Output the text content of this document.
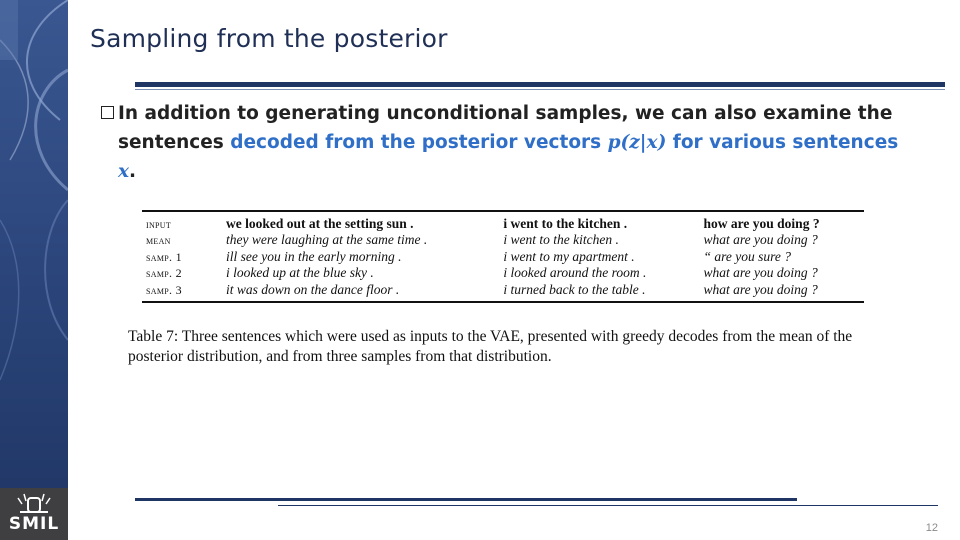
SMIL
Sampling from the posterior
In addition to generating unconditional samples, we can also examine the sentences decoded from the posterior vectors p(z|x) for various sentences x.
input	we looked out at the setting sun .	i went to the kitchen .	how are you doing ?
mean	they were laughing at the same time .	i went to the kitchen .	what are you doing ?
samp. 1	ill see you in the early morning .	i went to my apartment .	“ are you sure ?
samp. 2	i looked up at the blue sky .	i looked around the room .	what are you doing ?
samp. 3	it was down on the dance floor .	i turned back to the table .	what are you doing ?
Table 7: Three sentences which were used as inputs to the VAE, presented with greedy decodes from the mean of the posterior distribution, and from three samples from that distribution.
12
